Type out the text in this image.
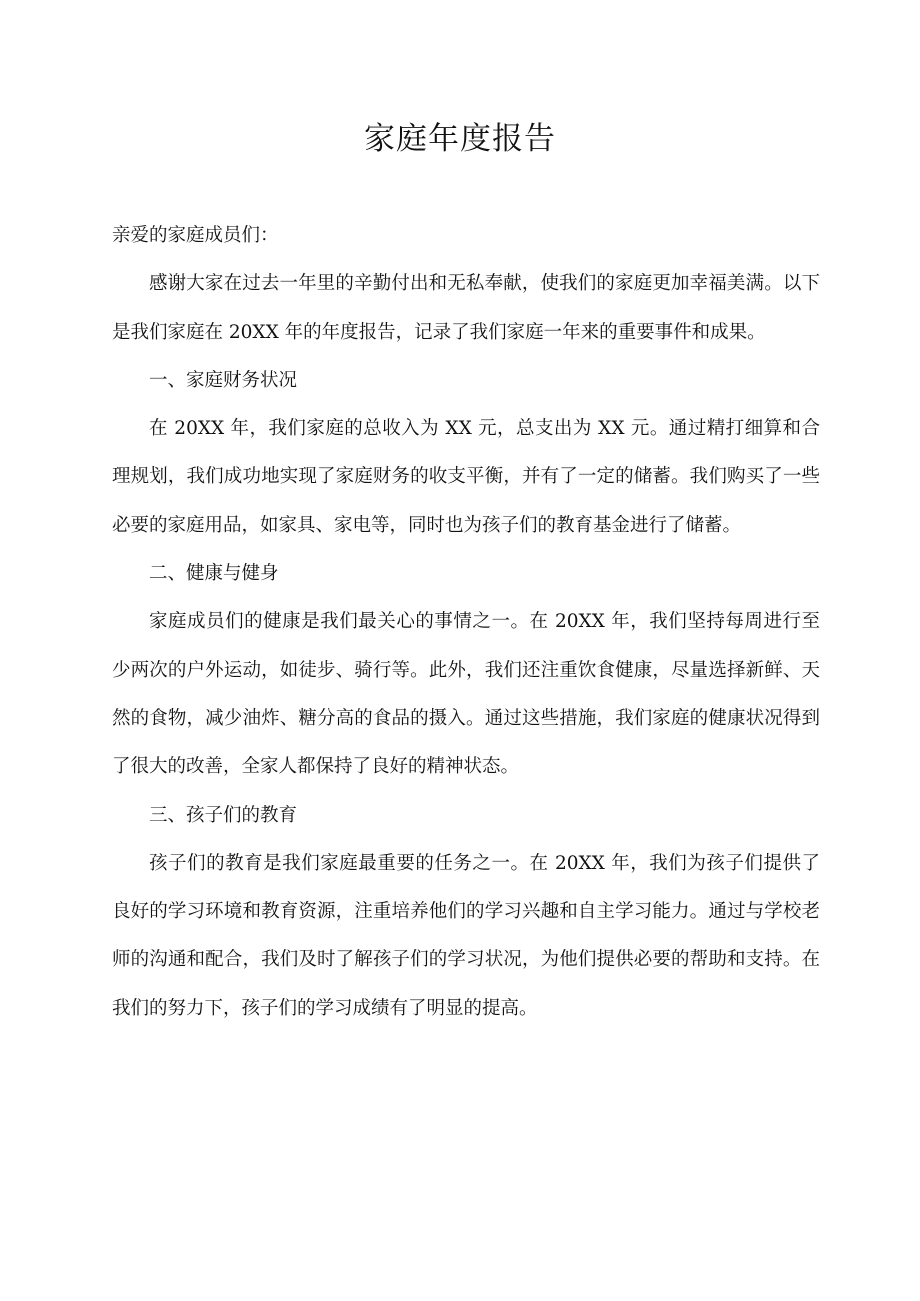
家庭年度报告

亲爱的家庭成员们：

感谢大家在过去一年里的辛勤付出和无私奉献，使我们的家庭更加幸福美满。以下是我们家庭在 20XX 年的年度报告，记录了我们家庭一年来的重要事件和成果。

一、家庭财务状况

在 20XX 年，我们家庭的总收入为 XX 元，总支出为 XX 元。通过精打细算和合理规划，我们成功地实现了家庭财务的收支平衡，并有了一定的储蓄。我们购买了一些必要的家庭用品，如家具、家电等，同时也为孩子们的教育基金进行了储蓄。

二、健康与健身

家庭成员们的健康是我们最关心的事情之一。在 20XX 年，我们坚持每周进行至少两次的户外运动，如徒步、骑行等。此外，我们还注重饮食健康，尽量选择新鲜、天然的食物，减少油炸、糖分高的食品的摄入。通过这些措施，我们家庭的健康状况得到了很大的改善，全家人都保持了良好的精神状态。

三、孩子们的教育

孩子们的教育是我们家庭最重要的任务之一。在 20XX 年，我们为孩子们提供了良好的学习环境和教育资源，注重培养他们的学习兴趣和自主学习能力。通过与学校老师的沟通和配合，我们及时了解孩子们的学习状况，为他们提供必要的帮助和支持。在我们的努力下，孩子们的学习成绩有了明显的提高。
